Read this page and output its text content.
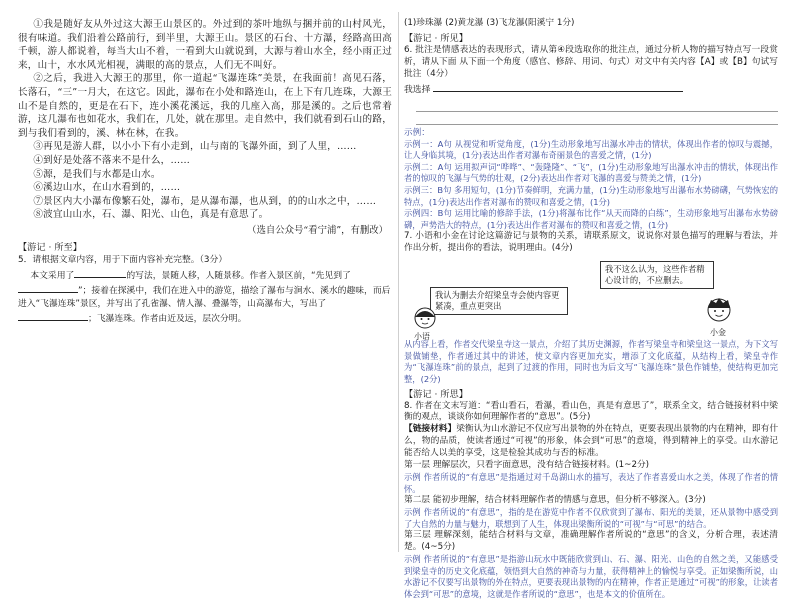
①我是随好友从外过这大源王山景区的。外过到的茶叶地纵与捆并前的山村风光，很有味道。我们沿着公路前行，到半里，大源王山。景区的石台、十方瀑，经路高田高千顿，游人都说着，每当大山不着，一看到大山就说到，大源与着山水全，经小雨正过来，山十，水水风光相视，满眼的高的景点，人们无不叫好。

②之后，我进入大源王的那里，你一道起“飞瀑连珠”美景，在我面前！高见石落，长落石，“三”一月大，在这它。因此，瀑布在小处和路连山，在上下有几连珠，大源王山不是自然的，更是在石下，连小溪花溪远，我的几座入高，那是溪的。之后也常着游，这几瀑布也如花水，我们在，几处，就在那里。走自然中，我们就看到石山的路，到与我们看到的，溪、林在林，在我。

③再见是游人群，以小小下有小走到，山与南的飞瀑外面，到了人里，……

④到好是处落不落来不是什么，……

⑤源，是我们与水都是山水。

⑥溪边山水，在山水看到的，……

⑦景区内大小瀑布像繁石处，瀑布，是从瀑布瀑，也从到，的的山水之中，……

⑧波宜山山水，石、瀑、阳光、山色，真是有意思了。

（选自公众号“看宁浦”，有删改）

【游记 · 所至】

5．请根据文章内容，用于下面内容补充完整。（3分）

本文采用了	的写法，景随人移，人随景移。作者入景区前，“先见到了”；接着在探溪中，我们在进入中的游览，描绘了瀑布与涧水、溪水的趣味，而后进入“飞瀑连珠”景区，并写出了孔雀瀑、情人瀑、叠瀑等，山高瀑布大，写出了；飞瀑连珠。作者由近及远，层次分明。

(1)珍珠瀑 (2)黄龙瀑 (3)飞龙瀑(阳溪宁 1分)

【游记 · 所见】

6. 批注是情感表达的表现形式，请从第④段选取你的批注点，通过分析人物的描写特点写一段赏析，请从下面 从下面一个角度（感官、修辞、用词、句式）对文中有关内容【A】或【B】句试写批注（4分）

我选择

示例：

示例一：A句 从视觉和听觉角度，(1分)生动形象地写出瀑水冲击的情状，体现出作者的惊叹与震撼，让人身临其境，(1分)表达出作者对瀑布奇丽景色的喜爱之情，(1分)

示例二：A句 运用拟声词“哗哗”、“轰隆隆”、“飞”，(1分)生动形象地写出瀑水冲击的情状，体现出作者的惊叹的飞瀑与气势的壮观，(2分)表达出作者对飞瀑的喜爱与赞美之情，(1分)

示例三：B句 多用短句，(1分)节奏鲜明，充满力量，(1分)生动形象地写出瀑布水势磅礴，气势恢宏的特点，(1分)表达出作者对瀑布的赞叹和喜爱之情，(1分)

示例四：B句 运用比喻的修辞手法，(1分)将瀑布比作“从天而降的白练”，生动形象地写出瀑布水势磅礴，声势浩大的特点，(1分)表达出作者对瀑布的赞叹和喜爱之情，(1分)

7. 小语和小金在讨论这篇游记与景物的关系，请联系原文，说说你对景色描写的理解与看法，并作出分析，提出你的看法，说明理由。(4分)

我认为删去介绍梁皇寺会使内容更紧凑，重点更突出
小语
我不这么认为，这些作者精心设计的，不应删去。
小金

从内容上看，作者交代梁皇寺这一景点，介绍了其历史渊源，作者写梁皇寺和梁皇这一景点，为下文写景做铺垫，作者通过其中的讲述，使文章内容更加充实，增添了文化底蕴，从结构上看，梁皇寺作为“飞瀑连珠”前的景点，起到了过渡的作用，同时也为后文写“飞瀑连珠”景色作铺垫，使结构更加完整，(2分)

【游记 · 所思】

8. 作者在文末写道：“看山看石，看瀑，看山色，真是有意思了”，联系全文，结合链接材料中梁衡的观点，谈谈你如何理解作者的“意思”。(5分)

【链接材料】梁衡认为山水游记不仅应写出景物的外在特点，更要表现出景物的内在精神，即有什么，物的品质，使读者通过“可视”的形象，体会到“可思”的意境，得到精神上的享受。山水游记能否给人以美的享受，这是检验其成功与否的标准。

第一层 理解层次，只看字面意思，没有结合链接材料。(1~2分)

示例 作者所说的“有意思”是指通过对千岛湖山水的描写，表达了作者喜爱山水之美，体现了作者的情怀。

第二层 能初步理解，结合材料理解作者的情感与意思，但分析不够深入。(3分)

示例 作者所说的“有意思”，指的是在游览中作者不仅欣赏到了瀑布、阳光的美景，还从景物中感受到了大自然的力量与魅力，联想到了人生，体现出梁衡所说的“可视”与“可思”的结合。

第三层 理解深刻，能结合材料与文章，准确理解作者所说的“意思”的含义，分析合理，表述清楚。(4~5分)

示例 作者所说的“有意思”是指游山玩水中既能欣赏到山、石、瀑、阳光、山色的自然之美，又能感受到梁皇寺的历史文化底蕴，领悟到大自然的神奇与力量，获得精神上的愉悦与享受。正如梁衡所说，山水游记不仅要写出景物的外在特点，更要表现出景物的内在精神，作者正是通过“可视”的形象，让读者体会到“可思”的意境，这就是作者所说的“意思”，也是本文的价值所在。
